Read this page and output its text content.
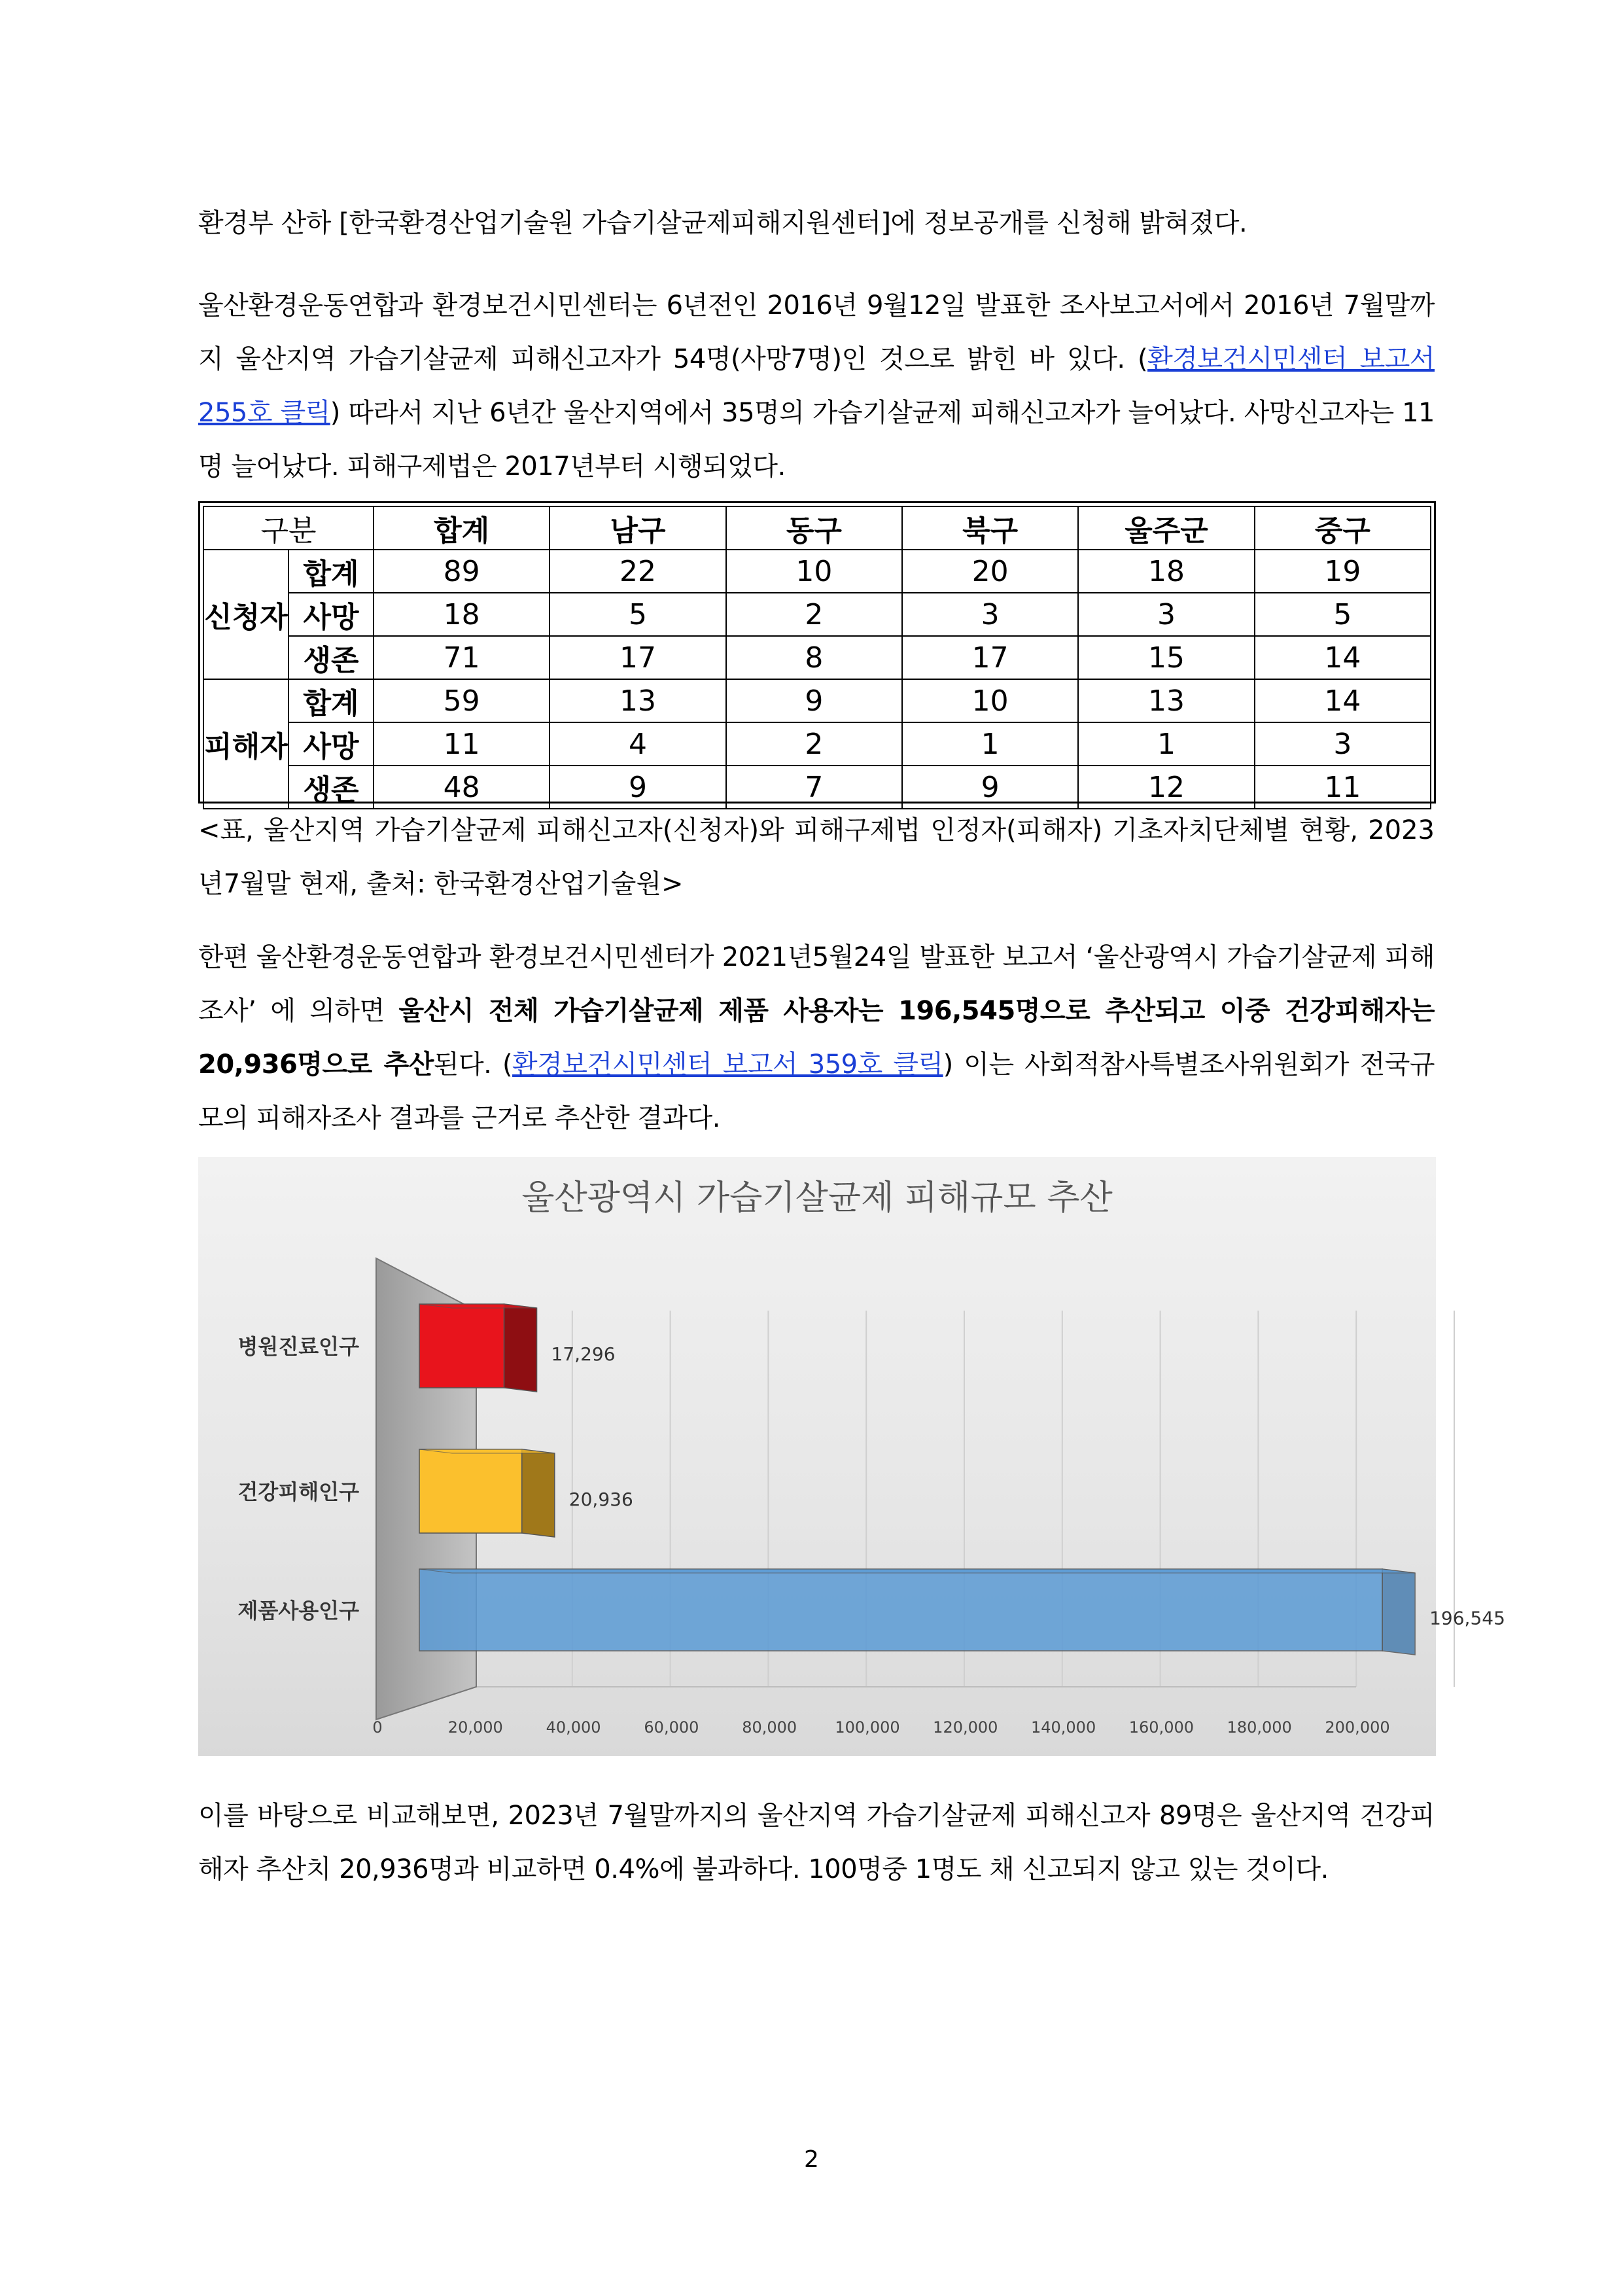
환경부 산하 [한국환경산업기술원 가습기살균제피해지원센터]에 정보공개를 신청해 밝혀졌다.
울산환경운동연합과 환경보건시민센터는 6년전인 2016년 9월12일 발표한 조사보고서에서 2016년 7월말까지 울산지역 가습기살균제 피해신고자가 54명(사망7명)인 것으로 밝힌 바 있다. (환경보건시민센터 보고서 255호 클릭) 따라서 지난 6년간 울산지역에서 35명의 가습기살균제 피해신고자가 늘어났다. 사망신고자는 11명 늘어났다. 피해구제법은 2017년부터 시행되었다.
구분		합계	남구	동구	북구	울주군	중구
신청자	합계	89	22	10	20	18	19
	사망	18	5	2	3	3	5
	생존	71	17	8	17	15	14
피해자	합계	59	13	9	10	13	14
	사망	11	4	2	1	1	3
	생존	48	9	7	9	12	11
<표, 울산지역 가습기살균제 피해신고자(신청자)와 피해구제법 인정자(피해자) 기초자치단체별 현황, 2023년7월말 현재, 출처: 한국환경산업기술원>
한편 울산환경운동연합과 환경보건시민센터가 2021년5월24일 발표한 보고서 ‘울산광역시 가습기살균제 피해조사’ 에 의하면 울산시 전체 가습기살균제 제품 사용자는 196,545명으로 추산되고 이중 건강피해자는 20,936명으로 추산된다. (환경보건시민센터 보고서 359호 클릭) 이는 사회적참사특별조사위원회가 전국규모의 피해자조사 결과를 근거로 추산한 결과다.
울산광역시 가습기살균제 피해규모 추산
17,296
병원진료인구
20,936
건강피해인구
196,545
제품사용인구
0	20,000	40,000	60,000	80,000 100,000 120,000 140,000 160,000 180,000 200,000
이를 바탕으로 비교해보면, 2023년 7월말까지의 울산지역 가습기살균제 피해신고자 89명은 울산지역 건강피해자 추산치 20,936명과 비교하면 0.4%에 불과하다. 100명중 1명도 채 신고되지 않고 있는 것이다.
2
